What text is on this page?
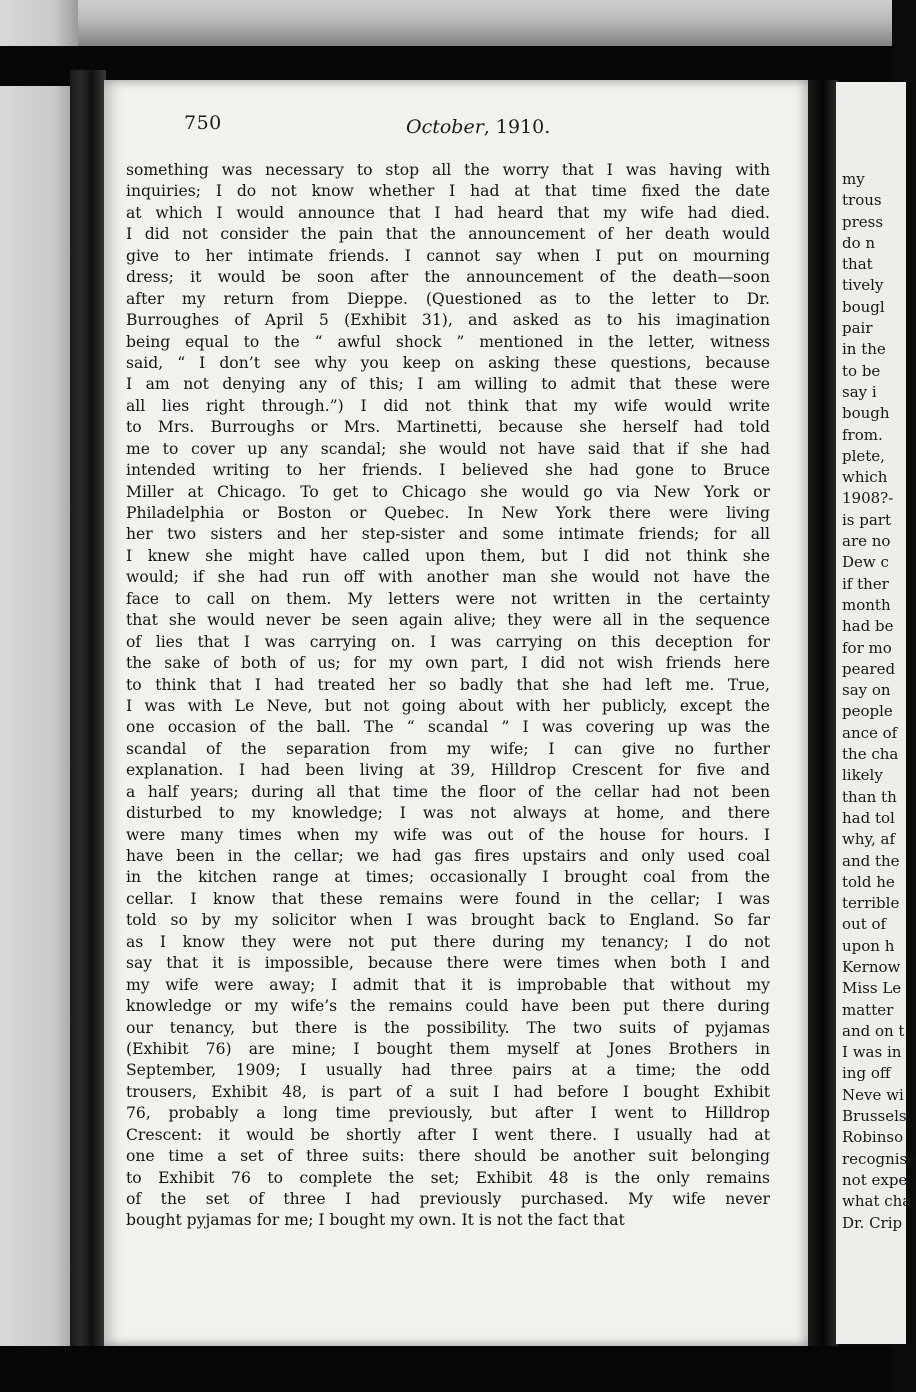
my
trous
press
do n
that
tively
bougl
pair
in the
to be
say i
bough
from.
plete,
which
1908?-
is part
are no
Dew c
if ther
month
had be
for mo
peared
say on
people
ance of
the cha
likely
than th
had tol
why, af
and the
told he
terrible
out of
upon h
Kernow
Miss Le
matter
and on t
I was in
ing off
Neve wi
Brussels
Robinso
recognise
not expe
what cha
Dr. Crip
750	October, 1910.
something was necessary to stop all the worry that I was having with
inquiries; I do not know whether I had at that time fixed the date
at which I would announce that I had heard that my wife had died.
I did not consider the pain that the announcement of her death would
give to her intimate friends. I cannot say when I put on mourning
dress; it would be soon after the announcement of the death—soon
after my return from Dieppe. (Questioned as to the letter to Dr.
Burroughes of April 5 (Exhibit 31), and asked as to his imagination
being equal to the “ awful shock ” mentioned in the letter, witness
said, “ I don’t see why you keep on asking these questions, because
I am not denying any of this; I am willing to admit that these were
all lies right through.”) I did not think that my wife would write
to Mrs. Burroughs or Mrs. Martinetti, because she herself had told
me to cover up any scandal; she would not have said that if she had
intended writing to her friends. I believed she had gone to Bruce
Miller at Chicago. To get to Chicago she would go via New York or
Philadelphia or Boston or Quebec. In New York there were living
her two sisters and her step-sister and some intimate friends; for all
I knew she might have called upon them, but I did not think she
would; if she had run off with another man she would not have the
face to call on them. My letters were not written in the certainty
that she would never be seen again alive; they were all in the sequence
of lies that I was carrying on. I was carrying on this deception for
the sake of both of us; for my own part, I did not wish friends here
to think that I had treated her so badly that she had left me. True,
I was with Le Neve, but not going about with her publicly, except the
one occasion of the ball. The “ scandal ” I was covering up was the
scandal of the separation from my wife; I can give no further
explanation. I had been living at 39, Hilldrop Crescent for five and
a half years; during all that time the floor of the cellar had not been
disturbed to my knowledge; I was not always at home, and there
were many times when my wife was out of the house for hours. I
have been in the cellar; we had gas fires upstairs and only used coal
in the kitchen range at times; occasionally I brought coal from the
cellar. I know that these remains were found in the cellar; I was
told so by my solicitor when I was brought back to England. So far
as I know they were not put there during my tenancy; I do not
say that it is impossible, because there were times when both I and
my wife were away; I admit that it is improbable that without my
knowledge or my wife’s the remains could have been put there during
our tenancy, but there is the possibility. The two suits of pyjamas
(Exhibit 76) are mine; I bought them myself at Jones Brothers in
September, 1909; I usually had three pairs at a time; the odd
trousers, Exhibit 48, is part of a suit I had before I bought Exhibit
76, probably a long time previously, but after I went to Hilldrop
Crescent: it would be shortly after I went there. I usually had at
one time a set of three suits: there should be another suit belonging
to Exhibit 76 to complete the set; Exhibit 48 is the only remains
of the set of three I had previously purchased. My wife never
bought pyjamas for me; I bought my own. It is not the fact that
